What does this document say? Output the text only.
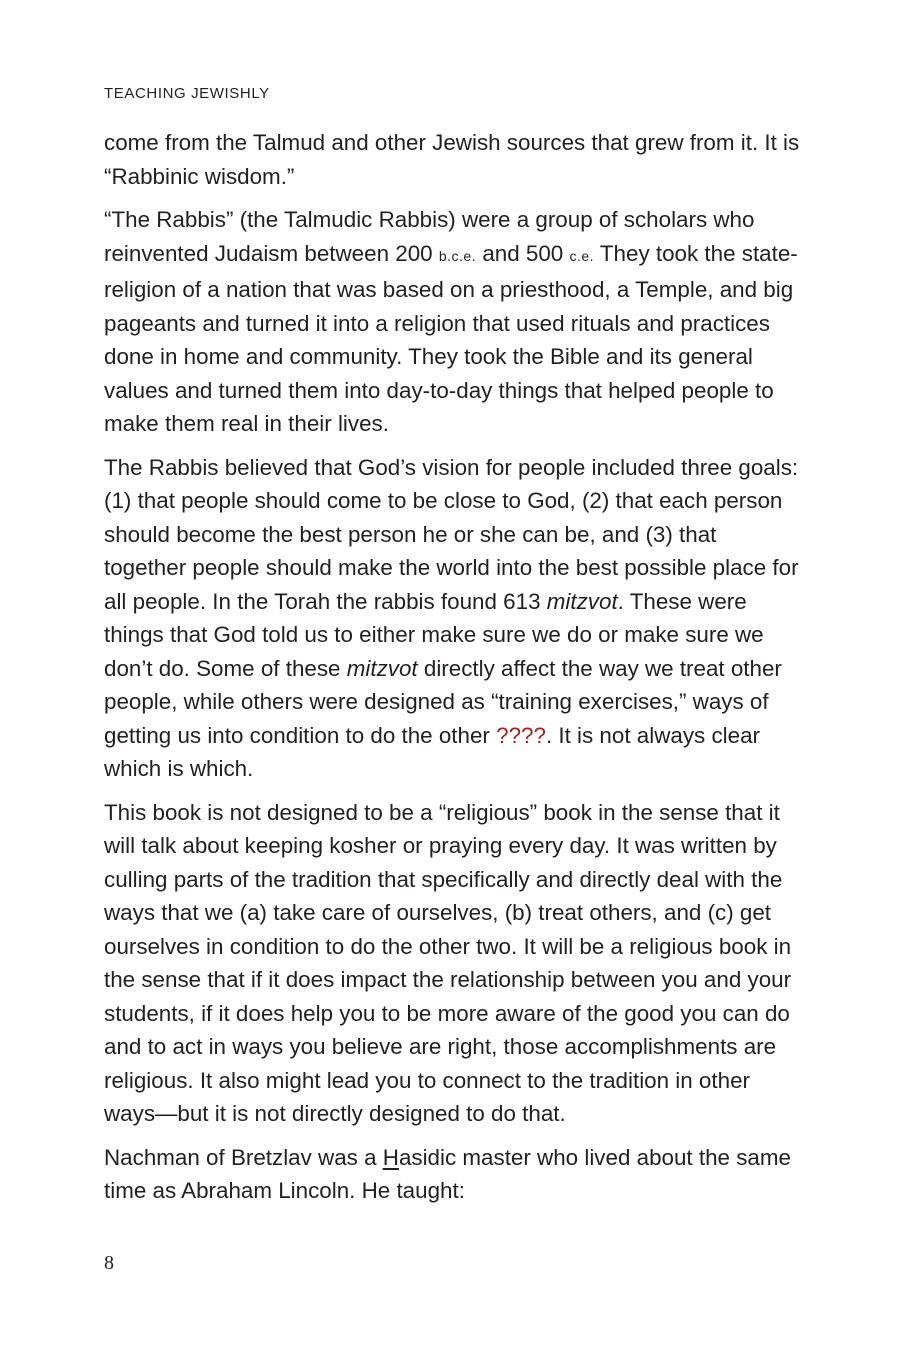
TEACHING JEWISHLY

come from the Talmud and other Jewish sources that grew from it. It is “Rabbinic wisdom.”

“The Rabbis” (the Talmudic Rabbis) were a group of scholars who reinvented Judaism between 200 b.c.e. and 500 c.e. They took the state-religion of a nation that was based on a priesthood, a Temple, and big pageants and turned it into a religion that used rituals and practices done in home and community. They took the Bible and its general values and turned them into day-to-day things that helped people to make them real in their lives.

The Rabbis believed that God’s vision for people included three goals: (1) that people should come to be close to God, (2) that each person should become the best person he or she can be, and (3) that together people should make the world into the best possible place for all people. In the Torah the rabbis found 613 mitzvot. These were things that God told us to either make sure we do or make sure we don’t do. Some of these mitzvot directly affect the way we treat other people, while others were designed as “training exercises,” ways of getting us into condition to do the other ????. It is not always clear which is which.

This book is not designed to be a “religious” book in the sense that it will talk about keeping kosher or praying every day. It was written by culling parts of the tradition that specifically and directly deal with the ways that we (a) take care of ourselves, (b) treat others, and (c) get ourselves in condition to do the other two. It will be a religious book in the sense that if it does impact the relationship between you and your students, if it does help you to be more aware of the good you can do and to act in ways you believe are right, those accomplishments are religious. It also might lead you to connect to the tradition in other ways—but it is not directly designed to do that.

Nachman of Bretzlav was a Hasidic master who lived about the same time as Abraham Lincoln. He taught:

8
